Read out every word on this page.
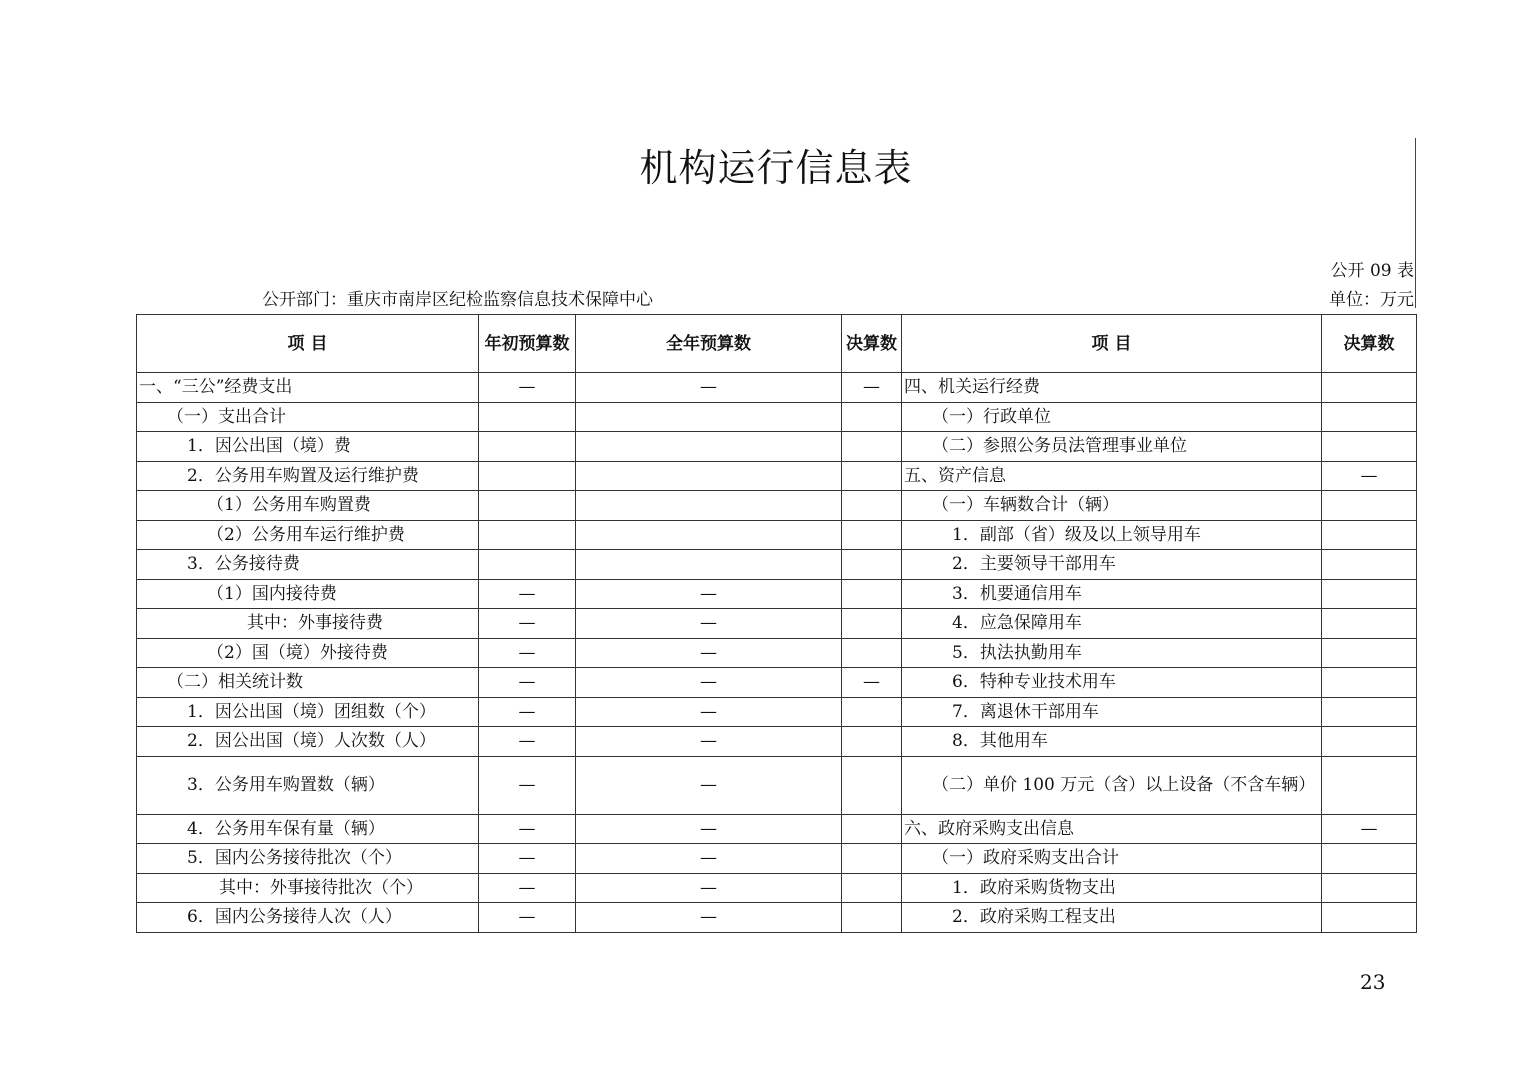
机构运行信息表
公开 09 表
公开部门：重庆市南岸区纪检监察信息技术保障中心	单位：万元
项 目	年初预算数	全年预算数	决算数	项 目	决算数
一、“三公”经费支出	—	—	—	四、机关运行经费	
（一）支出合计				（一）行政单位	
1．因公出国（境）费				（二）参照公务员法管理事业单位	
2．公务用车购置及运行维护费				五、资产信息	—
（1）公务用车购置费				（一）车辆数合计（辆）	
（2）公务用车运行维护费				1．副部（省）级及以上领导用车	
3．公务接待费				2．主要领导干部用车	
（1）国内接待费	—	—		3．机要通信用车	
其中：外事接待费	—	—		4．应急保障用车	
（2）国（境）外接待费	—	—		5．执法执勤用车	
（二）相关统计数	—	—	—	6．特种专业技术用车	
1．因公出国（境）团组数（个）	—	—		7．离退休干部用车	
2．因公出国（境）人次数（人）	—	—		8．其他用车	
3．公务用车购置数（辆）	—	—		（二）单价 100 万元（含）以上设备（不含车辆）	
4．公务用车保有量（辆）	—	—		六、政府采购支出信息	—
5．国内公务接待批次（个）	—	—		（一）政府采购支出合计	
其中：外事接待批次（个）	—	—		1．政府采购货物支出	
6．国内公务接待人次（人）	—	—		2．政府采购工程支出	
23
